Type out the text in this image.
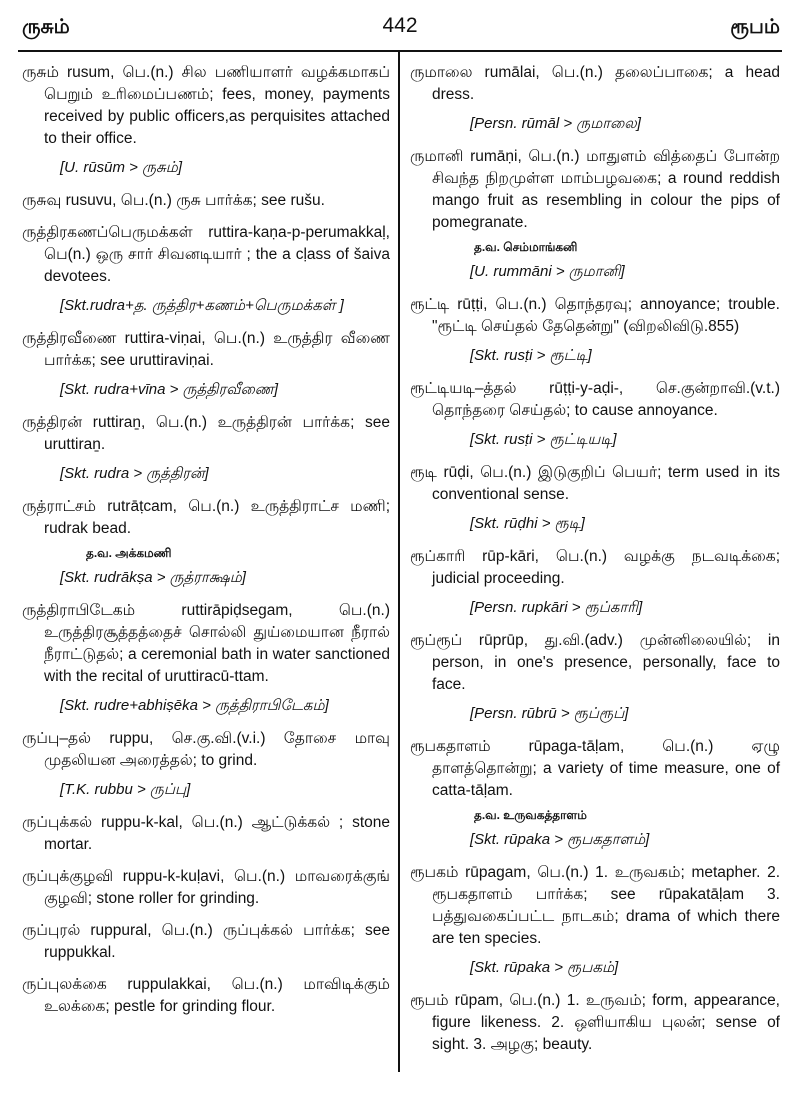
ருசும்	442	ரூபம்
ருசும் rusum, பெ.(n.) சில பணியாளர் வழக்கமாகப் பெறும் உரிமைப்பணம்; fees, money, payments received by public officers,as perquisites attached to their office.
[U. rūsūm > ருசும்]
ருசுவு rusuvu, பெ.(n.) ருசு பார்க்க; see rušu.
ருத்திரகணப்பெருமக்கள் ruttira-kaṇa-p-perumakkaḷ, பெ(n.) ஒரு சார் சிவனடியார் ; the a cḷass of šaiva devotees.
[Skt.rudra+த. ருத்திர+கணம்+பெருமக்கள் ]
ருத்திரவீணை ruttira-viṇai, பெ.(n.) உருத்திர வீணை பார்க்க; see uruttiraviṇai.
[Skt. rudra+vīna > ருத்திரவீணை]
ருத்திரன் ruttiraṉ, பெ.(n.) உருத்திரன் பார்க்க; see uruttiraṉ.
[Skt. rudra > ருத்திரன்]
ருத்ராட்சம் rutrāṭcam, பெ.(n.) உருத்திராட்ச மணி; rudrak bead.
த.வ. அக்கமணி
[Skt. rudrākṣa > ருத்ராக்ஷம்]
ருத்திராபிடேகம் ruttirāpiḍsegam, பெ.(n.) உருத்திரசூத்தத்தைச் சொல்லி துய்மையான நீரால் நீராட்டுதல்; a ceremonial bath in water sanctioned with the recital of uruttiracū-ttam.
[Skt. rudre+abhiṣēka > ருத்திராபிடேகம்]
ருப்பு–தல் ruppu, செ.கு.வி.(v.i.) தோசை மாவு முதலியன அரைத்தல்; to grind.
[T.K. rubbu > ருப்பு]
ருப்புக்கல் ruppu-k-kal, பெ.(n.) ஆட்டுக்கல் ; stone mortar.
ருப்புக்குழவி ruppu-k-kuḷavi, பெ.(n.) மாவரைக்குங் குழவி; stone roller for grinding.
ருப்புரல் ruppural, பெ.(n.) ருப்புக்கல் பார்க்க; see ruppukkal.
ருப்புலக்கை ruppulakkai, பெ.(n.) மாவிடிக்கும் உலக்கை; pestle for grinding flour.
ருமாலை rumālai, பெ.(n.) தலைப்பாகை; a head dress.
[Persn. rūmāl > ருமாலை]
ருமானி rumāṇi, பெ.(n.) மாதுளம் வித்தைப் போன்ற சிவந்த நிறமுள்ள மாம்பழவகை; a round reddish mango fruit as resembling in colour the pips of pomegranate.
த.வ. செம்மாங்கனி
[U. rummāni > ருமானி]
ரூட்டி rūṭṭi, பெ.(n.) தொந்தரவு; annoyance; trouble. "ரூட்டி செய்தல் தேதென்று" (விறலிவிடு.855)
[Skt. rusṭi > ரூட்டி]
ரூட்டியடி–த்தல் rūṭṭi-y-aḍi-, செ.குன்றாவி.(v.t.) தொந்தரை செய்தல்; to cause annoyance.
[Skt. rusṭi > ரூட்டியடி]
ரூடி rūḍi, பெ.(n.) இடுகுறிப் பெயர்; term used in its conventional sense.
[Skt. rūḍhi > ரூடி]
ரூப்காரி rūp-kāri, பெ.(n.) வழக்கு நடவடிக்கை; judicial proceeding.
[Persn. rupkāri > ரூப்காரி]
ரூப்ரூப் rūprūp, து.வி.(adv.) முன்னிலையில்; in person, in one's presence, personally, face to face.
[Persn. rūbrū > ரூப்ரூப்]
ரூபகதாளம் rūpaga-tāḷam, பெ.(n.) ஏழு தாளத்தொன்று; a variety of time measure, one of catta-tāḷam.
த.வ. உருவகத்தாளம்
[Skt. rūpaka > ரூபகதாளம்]
ரூபகம் rūpagam, பெ.(n.) 1. உருவகம்; metapher. 2. ரூபகதாளம் பார்க்க; see rūpakatāḷam 3. பத்துவகைப்பட்ட நாடகம்; drama of which there are ten species.
[Skt. rūpaka > ரூபகம்]
ரூபம் rūpam, பெ.(n.) 1. உருவம்; form, appearance, figure likeness. 2. ஒளியாகிய புலன்; sense of sight. 3. அழகு; beauty.
